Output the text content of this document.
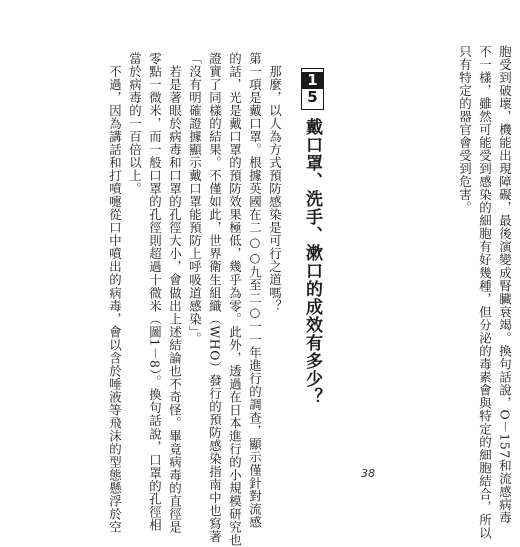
胞受到破壞，機能出現障礙，最後演變成腎臟衰竭。換句話說，O－157和流感病毒
不一樣，雖然可能受到感染的細胞有好幾種，但分泌的毒素會與特定的細胞結合，所以
只有特定的器官會受到危害。
1
5
戴口罩、洗手、漱口的成效有多少？
那麼，以人為方式預防感染是可行之道嗎？
第一項是戴口罩。根據英國在二○○九至二○一一年進行的調查，顯示僅針對流感
的話，光是戴口罩的預防效果極低，幾乎為零。此外，透過在日本進行的小規模研究也
證實了同樣的結果。不僅如此，世界衛生組織（WHO）發行的預防感染指南中也寫著
「沒有明確證據顯示戴口罩能預防上呼吸道感染」。
若是著眼於病毒和口罩的孔徑大小，會做出上述結論也不奇怪。畢竟病毒的直徑是
零點一微米，而一般口罩的孔徑則超過十微米（圖1－8）。換句話說，口罩的孔徑相
當於病毒的一百倍以上。
不過，因為講話和打噴嚏從口中噴出的病毒，會以含於唾液等飛沫的型態懸浮於空	38
